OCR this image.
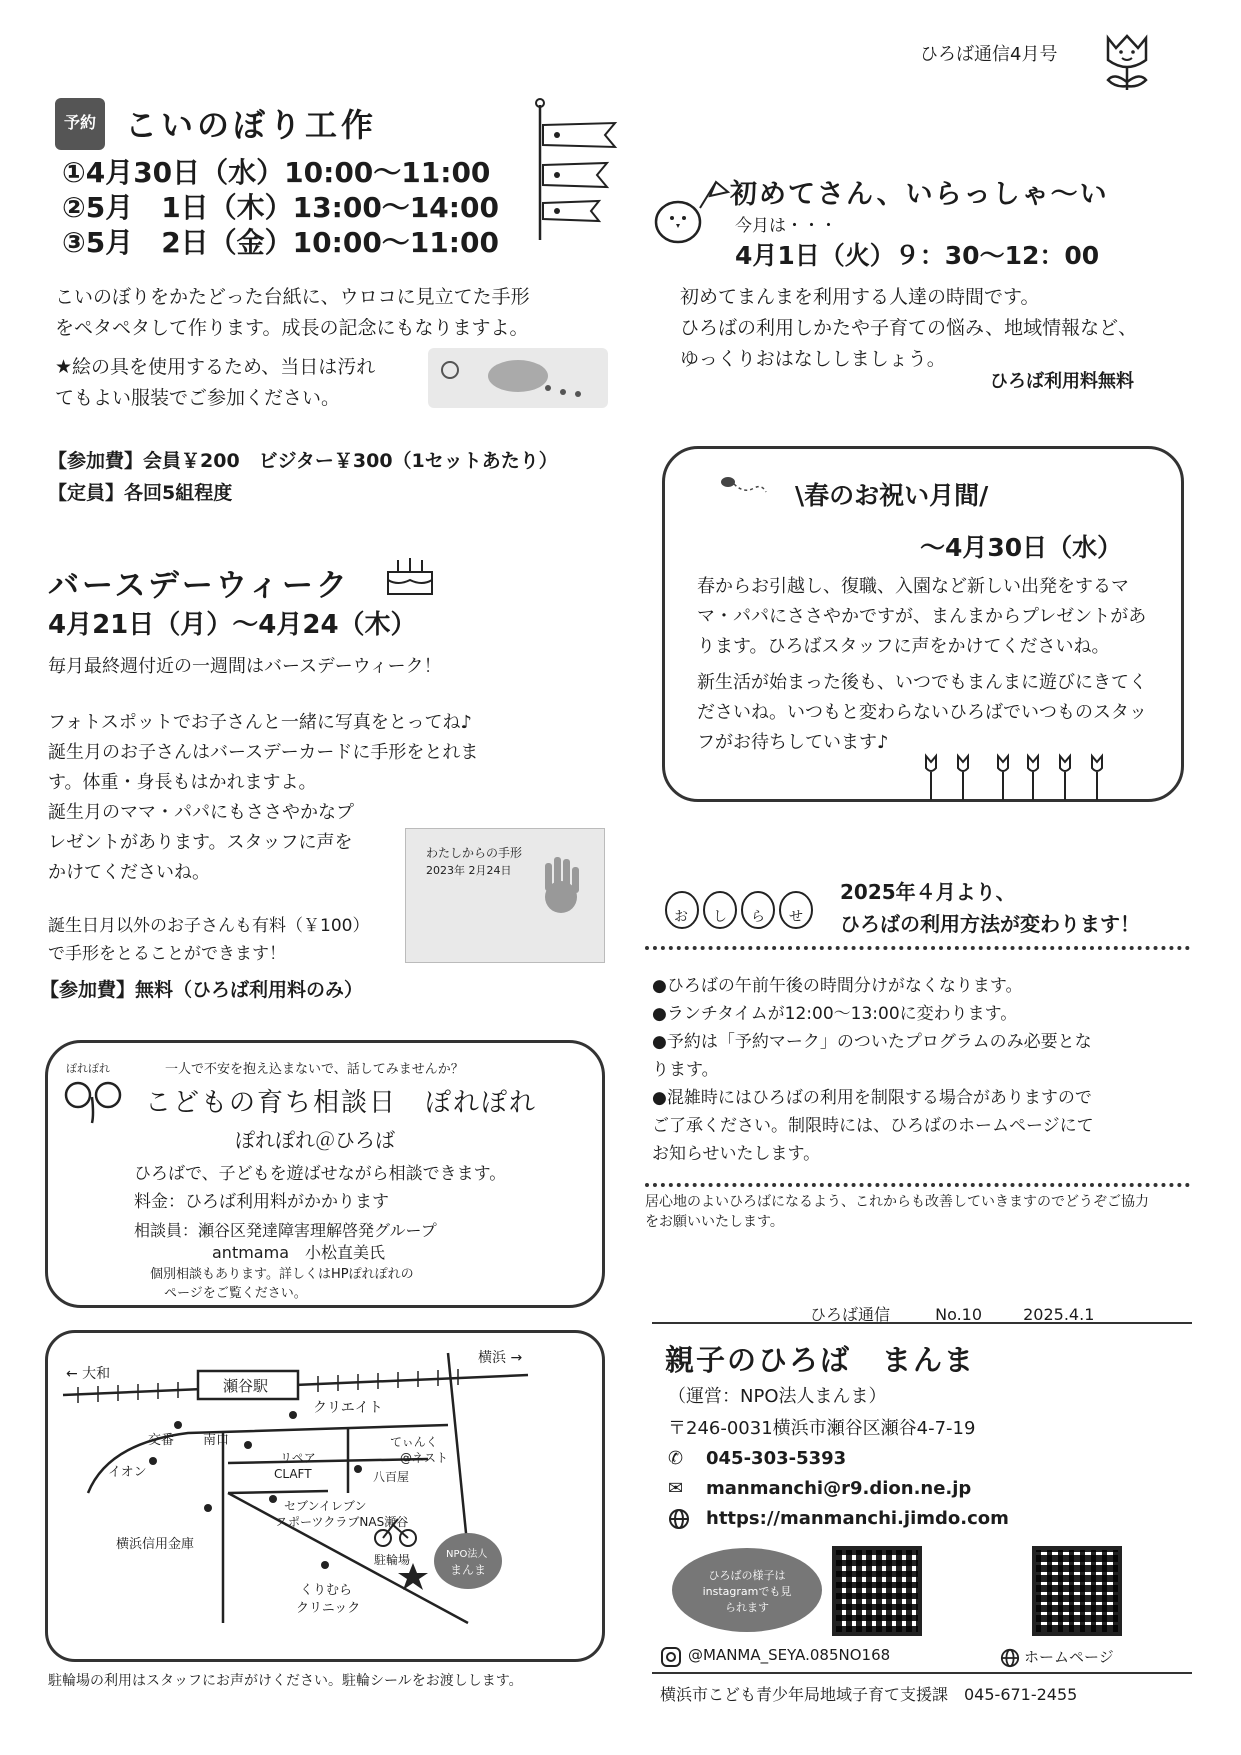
ひろば通信4月号
予約 こいのぼり工作
①4月30日（水）10:00～11:00
②5月　1日（木）13:00～14:00
③5月　2日（金）10:00～11:00
こいのぼりをかたどった台紙に、ウロコに見立てた手形
をペタペタして作ります。成長の記念にもなりますよ。
★絵の具を使用するため、当日は汚れ
てもよい服装でご参加ください。
【参加費】会員￥200　ビジター￥300（1セットあたり）
【定員】各回5組程度
初めてさん、いらっしゃ～い
今月は・・・
4月1日（火）９：30～12：00
初めてまんまを利用する人達の時間です。
ひろばの利用しかたや子育ての悩み、地域情報など、
ゆっくりおはなししましょう。
ひろば利用料無料
\春のお祝い月間/
～4月30日（水）
春からお引越し、復職、入園など新しい出発をするマ
マ・パパにささやかですが、まんまからプレゼントがあ
ります。ひろばスタッフに声をかけてくださいね。
新生活が始まった後も、いつでもまんまに遊びにきてく
ださいね。いつもと変わらないひろばでいつものスタッ
フがお待ちしています♪
バースデーウィーク
4月21日（月）～4月24（木）
毎月最終週付近の一週間はバースデーウィーク！
フォトスポットでお子さんと一緒に写真をとってね♪
誕生月のお子さんはバースデーカードに手形をとれま
す。体重・身長もはかれますよ。
誕生月のママ・パパにもささやかなプ
レゼントがあります。スタッフに声を
かけてくださいね。
誕生日月以外のお子さんも有料（￥100）
で手形をとることができます！
わたしからの手形
2023年 2月24日
【参加費】無料（ひろば利用料のみ）
お し ら せ
2025年４月より、
ひろばの利用方法が変わります！
●ひろばの午前午後の時間分けがなくなります。
●ランチタイムが12:00～13:00に変わります。
●予約は「予約マーク」のついたプログラムのみ必要とな
ります。
●混雑時にはひろばの利用を制限する場合がありますので
ご了承ください。制限時には、ひろばのホームページにて
お知らせいたします。
居心地のよいひろばになるよう、これからも改善していきますのでどうぞご協力
をお願いいたします。
一人で不安を抱え込まないで、話してみませんか？
ぽれぽれ
こどもの育ち相談日　ぽれぽれ
ぽれぽれ＠ひろば
ひろばで、子どもを遊ばせながら相談できます。
料金：ひろば利用料がかかります
相談員：瀬谷区発達障害理解啓発グループ
antmama　小松直美氏
個別相談もあります。詳しくはHPぽれぽれの
ページをご覧ください。
横浜 →
← 大和
瀬谷駅
クリエイト
交番 南口
イオン
リペア
CLAFT
てぃんく
@ネスト
八百屋
セブンイレブン
スポーツクラブNAS瀬谷
横浜信用金庫
駐輪場
くりむら
クリニック
NPO法人
まんま
駐輪場の利用はスタッフにお声がけください。駐輪シールをお渡しします。
ひろば通信	No.10	2025.4.1
親子のひろば　まんま
（運営：NPO法人まんま）
〒246-0031横浜市瀬谷区瀬谷4-7-19
✆ 045-303-5393
✉ manmanchi@r9.dion.ne.jp
https://manmanchi.jimdo.com
ひろばの様子は
instagramでも見
られます
@MANMA_SEYA.085NO168	ホームページ
横浜市こども青少年局地域子育て支援課　045-671-2455
